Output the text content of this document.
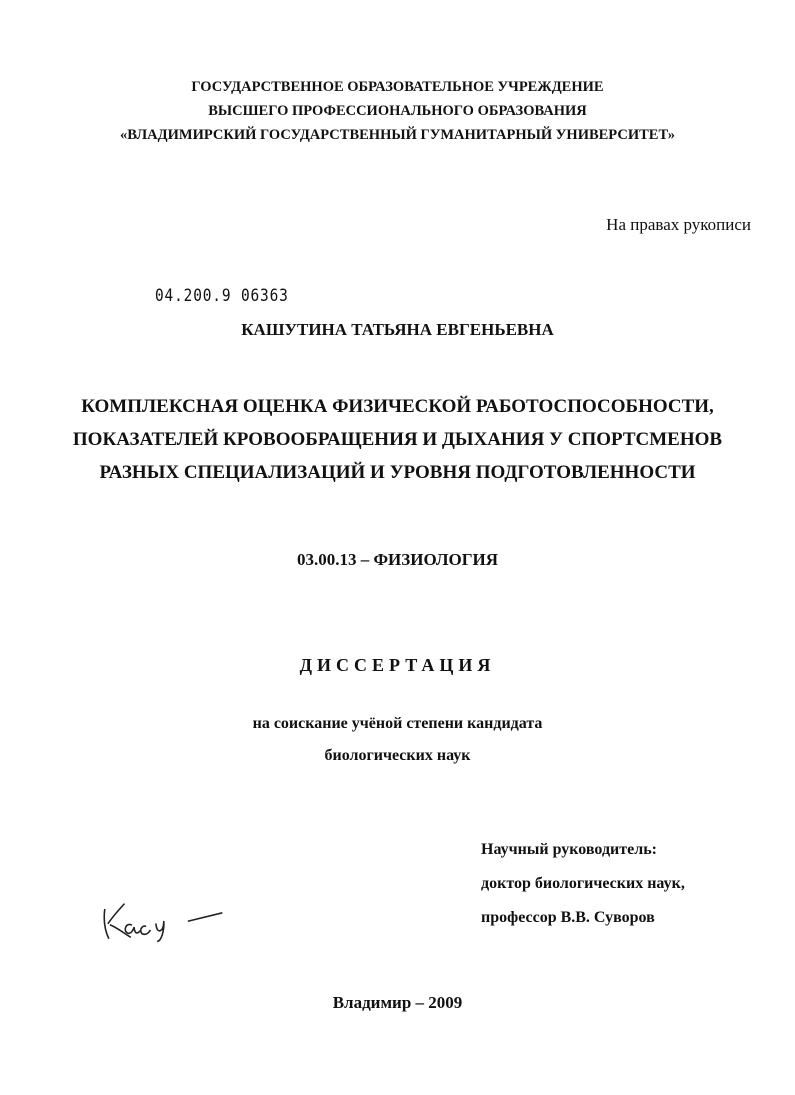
ГОСУДАРСТВЕННОЕ ОБРАЗОВАТЕЛЬНОЕ УЧРЕЖДЕНИЕ
ВЫСШЕГО ПРОФЕССИОНАЛЬНОГО ОБРАЗОВАНИЯ
«ВЛАДИМИРСКИЙ ГОСУДАРСТВЕННЫЙ ГУМАНИТАРНЫЙ УНИВЕРСИТЕТ»
На правах рукописи
04.200.9 06363
КАШУТИНА ТАТЬЯНА ЕВГЕНЬЕВНА
КОМПЛЕКСНАЯ ОЦЕНКА ФИЗИЧЕСКОЙ РАБОТОСПОСОБНОСТИ,
ПОКАЗАТЕЛЕЙ КРОВООБРАЩЕНИЯ И ДЫХАНИЯ У СПОРТСМЕНОВ
РАЗНЫХ СПЕЦИАЛИЗАЦИЙ И УРОВНЯ ПОДГОТОВЛЕННОСТИ
03.00.13 – ФИЗИОЛОГИЯ
ДИССЕРТАЦИЯ
на соискание учёной степени кандидата
биологических наук
Научный руководитель:
доктор биологических наук,
профессор В.В. Суворов
Владимир – 2009
